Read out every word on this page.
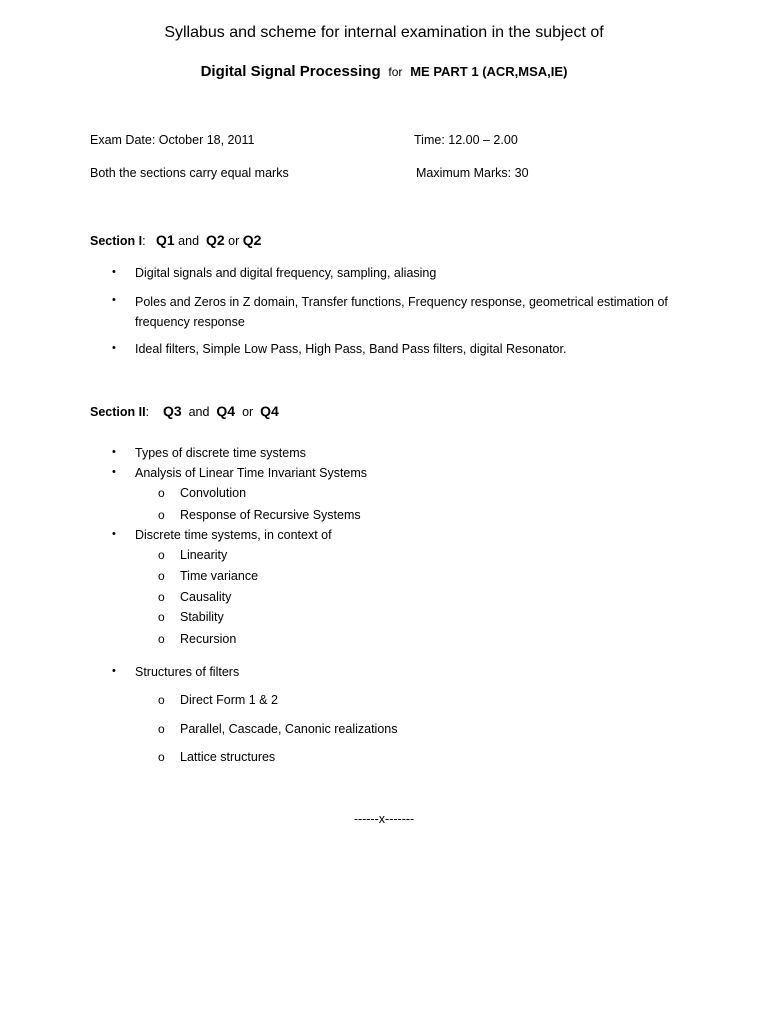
Syllabus and scheme for internal examination in the subject of
Digital Signal Processing for ME PART 1 (ACR,MSA,IE)
Exam Date: October 18, 2011	Time: 12.00 – 2.00
Both the sections carry equal marks	Maximum Marks: 30
Section I: Q1 and Q2 or Q2
• Digital signals and digital frequency, sampling, aliasing
• Poles and Zeros in Z domain, Transfer functions, Frequency response, geometrical estimation of frequency response
• Ideal filters, Simple Low Pass, High Pass, Band Pass filters, digital Resonator.
Section II: Q3 and Q4 or Q4
• Types of discrete time systems
• Analysis of Linear Time Invariant Systems
o Convolution
o Response of Recursive Systems
• Discrete time systems, in context of
o Linearity
o Time variance
o Causality
o Stability
o Recursion
• Structures of filters
o Direct Form 1 & 2
o Parallel, Cascade, Canonic realizations
o Lattice structures
------x-------
